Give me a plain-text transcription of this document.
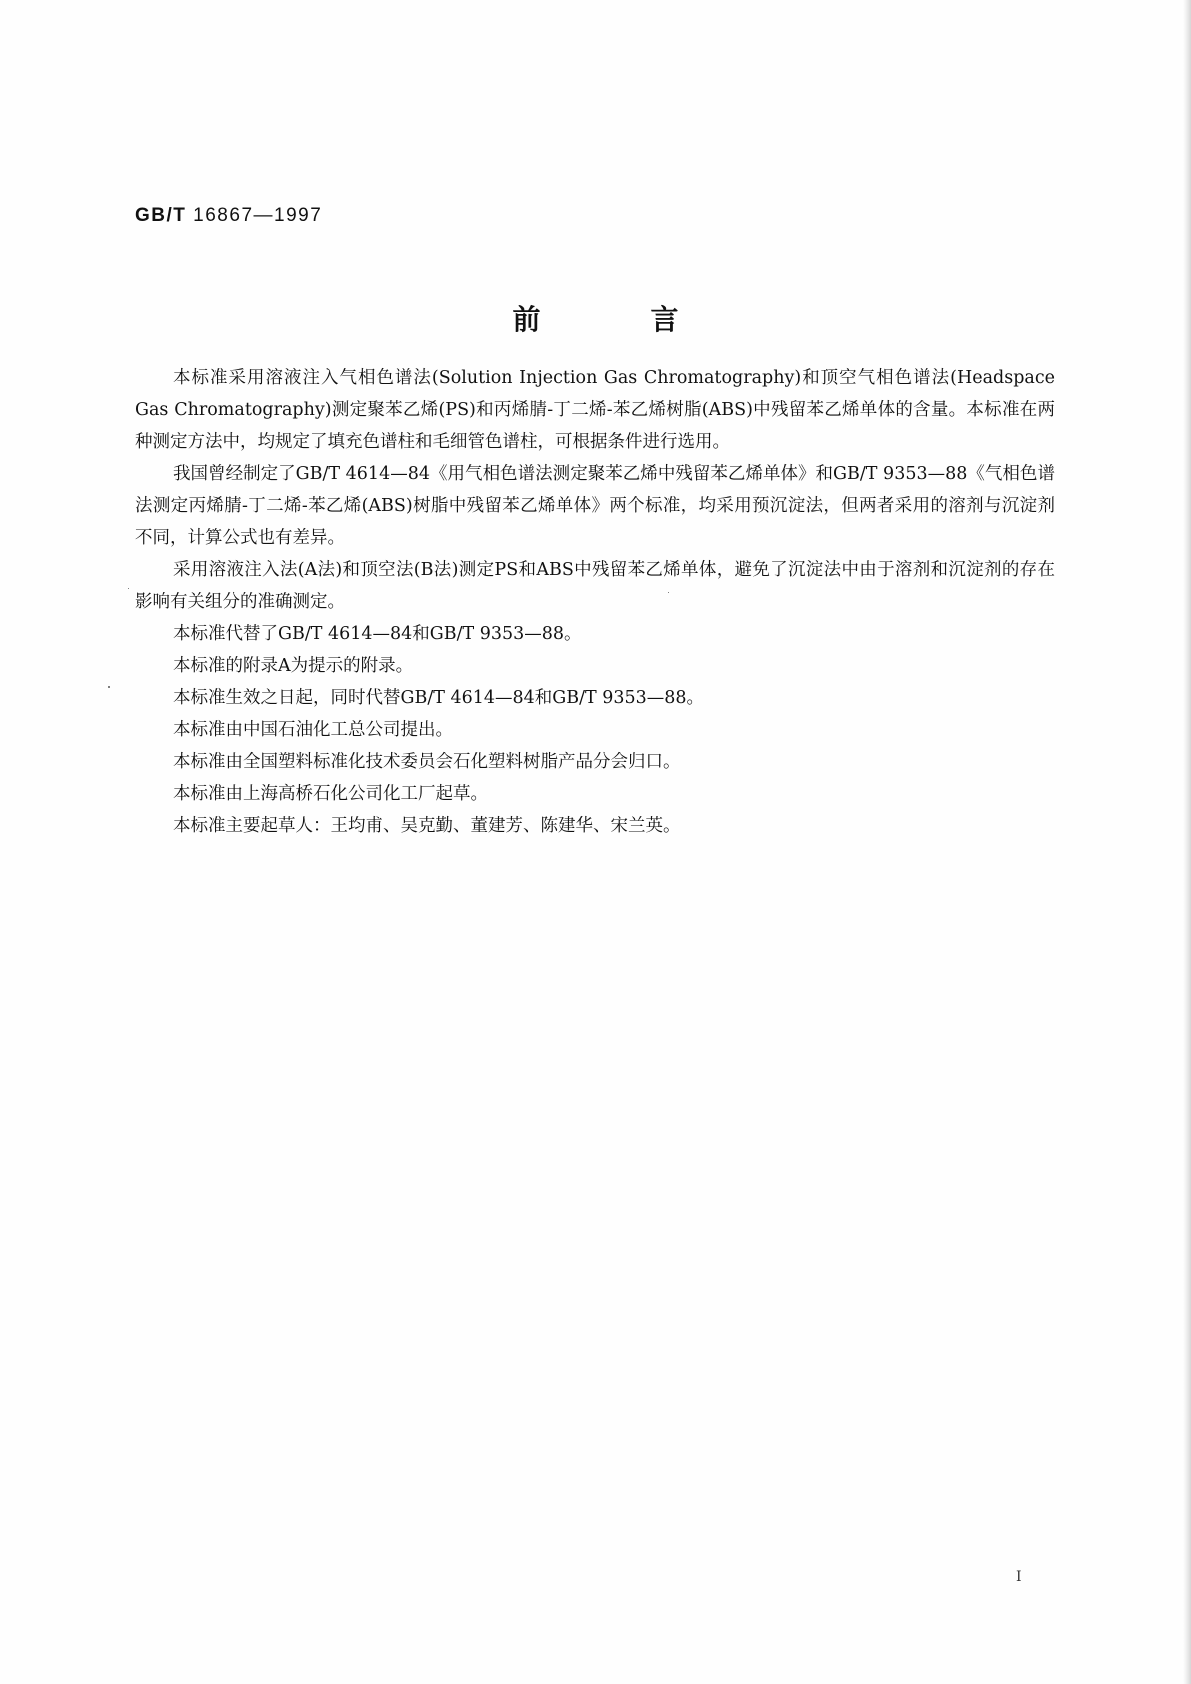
GB/T 16867—1997
前言

本标准采用溶液注入气相色谱法(Solution Injection Gas Chromatography)和顶空气相色谱法(Headspace Gas Chromatography)测定聚苯乙烯(PS)和丙烯腈-丁二烯-苯乙烯树脂(ABS)中残留苯乙烯单体的含量。本标准在两种测定方法中，均规定了填充色谱柱和毛细管色谱柱，可根据条件进行选用。

我国曾经制定了GB/T 4614—84《用气相色谱法测定聚苯乙烯中残留苯乙烯单体》和GB/T 9353—88《气相色谱法测定丙烯腈-丁二烯-苯乙烯(ABS)树脂中残留苯乙烯单体》两个标准，均采用预沉淀法，但两者采用的溶剂与沉淀剂不同，计算公式也有差异。

采用溶液注入法(A法)和顶空法(B法)测定PS和ABS中残留苯乙烯单体，避免了沉淀法中由于溶剂和沉淀剂的存在影响有关组分的准确测定。

本标准代替了GB/T 4614—84和GB/T 9353—88。

本标准的附录A为提示的附录。

本标准生效之日起，同时代替GB/T 4614—84和GB/T 9353—88。

本标准由中国石油化工总公司提出。

本标准由全国塑料标准化技术委员会石化塑料树脂产品分会归口。

本标准由上海高桥石化公司化工厂起草。

本标准主要起草人：王均甫、吴克勤、董建芳、陈建华、宋兰英。

I
